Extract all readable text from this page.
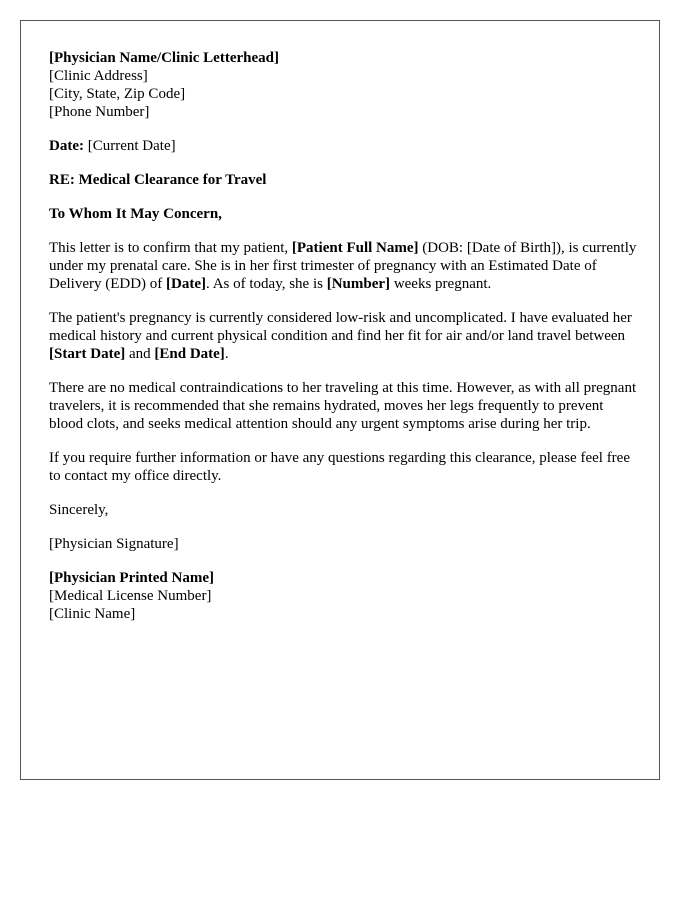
[Physician Name/Clinic Letterhead]
[Clinic Address]
[City, State, Zip Code]
[Phone Number]

Date: [Current Date]

RE: Medical Clearance for Travel

To Whom It May Concern,

This letter is to confirm that my patient, [Patient Full Name] (DOB: [Date of Birth]), is currently under my prenatal care. She is in her first trimester of pregnancy with an Estimated Date of Delivery (EDD) of [Date]. As of today, she is [Number] weeks pregnant.

The patient's pregnancy is currently considered low-risk and uncomplicated. I have evaluated her medical history and current physical condition and find her fit for air and/or land travel between [Start Date] and [End Date].

There are no medical contraindications to her traveling at this time. However, as with all pregnant travelers, it is recommended that she remains hydrated, moves her legs frequently to prevent blood clots, and seeks medical attention should any urgent symptoms arise during her trip.

If you require further information or have any questions regarding this clearance, please feel free to contact my office directly.

Sincerely,

[Physician Signature]

[Physician Printed Name]
[Medical License Number]
[Clinic Name]
